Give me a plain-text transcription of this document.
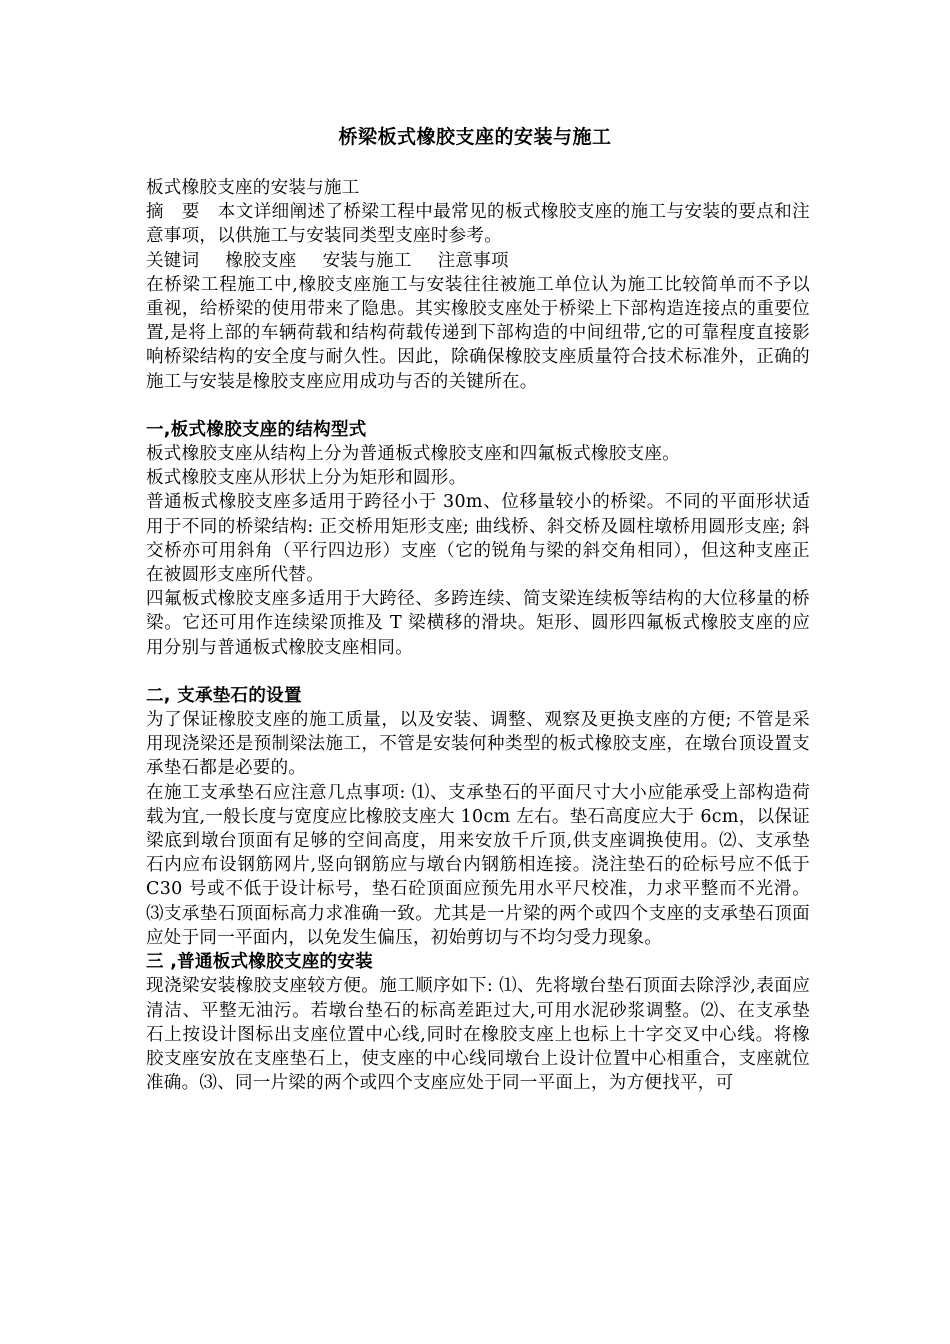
桥梁板式橡胶支座的安装与施工

板式橡胶支座的安装与施工

摘　要　本文详细阐述了桥梁工程中最常见的板式橡胶支座的施工与安装的要点和注意事项，以供施工与安装同类型支座时参考。

关键词 橡胶支座 安装与施工 注意事项

在桥梁工程施工中,橡胶支座施工与安装往往被施工单位认为施工比较简单而不予以重视，给桥梁的使用带来了隐患。其实橡胶支座处于桥梁上下部构造连接点的重要位置,是将上部的车辆荷载和结构荷载传递到下部构造的中间纽带,它的可靠程度直接影响桥梁结构的安全度与耐久性。因此，除确保橡胶支座质量符合技术标准外，正确的施工与安装是橡胶支座应用成功与否的关键所在。

一,板式橡胶支座的结构型式

板式橡胶支座从结构上分为普通板式橡胶支座和四氟板式橡胶支座。

板式橡胶支座从形状上分为矩形和圆形。

普通板式橡胶支座多适用于跨径小于 30m、位移量较小的桥梁。不同的平面形状适用于不同的桥梁结构: 正交桥用矩形支座; 曲线桥、斜交桥及圆柱墩桥用圆形支座; 斜交桥亦可用斜角（平行四边形）支座（它的锐角与梁的斜交角相同），但这种支座正在被圆形支座所代替。

四氟板式橡胶支座多适用于大跨径、多跨连续、简支梁连续板等结构的大位移量的桥梁。它还可用作连续梁顶推及 T 梁横移的滑块。矩形、圆形四氟板式橡胶支座的应用分别与普通板式橡胶支座相同。

二, 支承垫石的设置

为了保证橡胶支座的施工质量，以及安装、调整、观察及更换支座的方便; 不管是采用现浇梁还是预制梁法施工，不管是安装何种类型的板式橡胶支座，在墩台顶设置支承垫石都是必要的。

在施工支承垫石应注意几点事项: ⑴、支承垫石的平面尺寸大小应能承受上部构造荷载为宜,一般长度与宽度应比橡胶支座大 10cm 左右。垫石高度应大于 6cm，以保证梁底到墩台顶面有足够的空间高度，用来安放千斤顶,供支座调换使用。⑵、支承垫石内应布设钢筋网片,竖向钢筋应与墩台内钢筋相连接。浇注垫石的砼标号应不低于 C30 号或不低于设计标号，垫石砼顶面应预先用水平尺校准，力求平整而不光滑。⑶支承垫石顶面标高力求准确一致。尤其是一片梁的两个或四个支座的支承垫石顶面应处于同一平面内，以免发生偏压，初始剪切与不均匀受力现象。

三 ,普通板式橡胶支座的安装

现浇梁安装橡胶支座较方便。施工顺序如下: ⑴、先将墩台垫石顶面去除浮沙,表面应清洁、平整无油污。若墩台垫石的标高差距过大,可用水泥砂浆调整。⑵、在支承垫石上按设计图标出支座位置中心线,同时在橡胶支座上也标上十字交叉中心线。将橡胶支座安放在支座垫石上，使支座的中心线同墩台上设计位置中心相重合，支座就位准确。⑶、同一片梁的两个或四个支座应处于同一平面上，为方便找平，可
